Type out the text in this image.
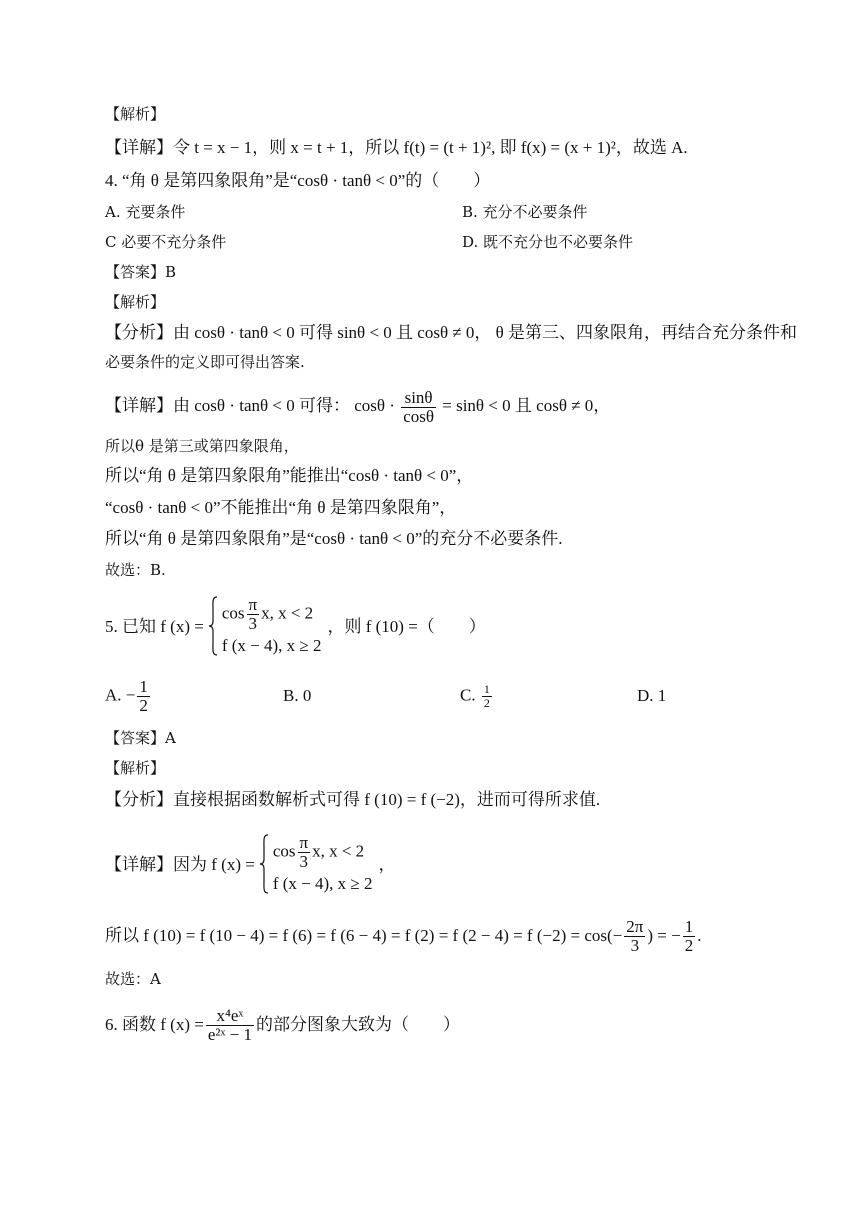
【解析】
【详解】令 t = x − 1，则 x = t + 1，所以 f(t) = (t + 1)², 即 f(x) = (x + 1)²，故选 A.
4. “角 θ 是第四象限角”是“cosθ · tanθ < 0”的（　　）
A. 充要条件	B. 充分不必要条件
C 必要不充分条件	D. 既不充分也不必要条件
【答案】B
【解析】
【分析】由 cosθ · tanθ < 0 可得 sinθ < 0 且 cosθ ≠ 0， θ 是第三、四象限角，再结合充分条件和
必要条件的定义即可得出答案.
【详解】由 cosθ · tanθ < 0 可得： $\cos\theta \cdot \frac{\sin\theta}{\cos\theta} = \sin\theta < 0$ 且 cosθ ≠ 0，
所以θ 是第三或第四象限角，
所以“角 θ 是第四象限角”能推出“cosθ · tanθ < 0”，
“cosθ · tanθ < 0”不能推出“角 θ 是第四象限角”，
所以“角 θ 是第四象限角”是“cosθ · tanθ < 0”的充分不必要条件.
故选：B.
5. 已知 f (x) =
$\cos \frac{\pi}{3} x$, x < 2
f (x − 4), x ≥ 2
，则 f (10) =（　　）
A. − $\frac{1}{2}$	B. 0	C. $\frac{1}{2}$	D. 1
【答案】A
【解析】
【分析】直接根据函数解析式可得 f (10) = f (−2)，进而可得所求值.
【详解】因为 f (x) =
$\cos \frac{\pi}{3} x$, x < 2
f (x − 4), x ≥ 2
，
所以 f (10) = f (10 − 4) = f (6) = f (6 − 4) = f (2) = f (2 − 4) = f $(-2) = \cos(- \frac{2\pi}{3}$ ) = − $\frac{1}{2}$ .
故选：A
6. 函数 f $(x) = \frac{\text{x⁴eˣ}}{\text{e²ˣ − 1}}$ 的部分图象大致为（　　）
